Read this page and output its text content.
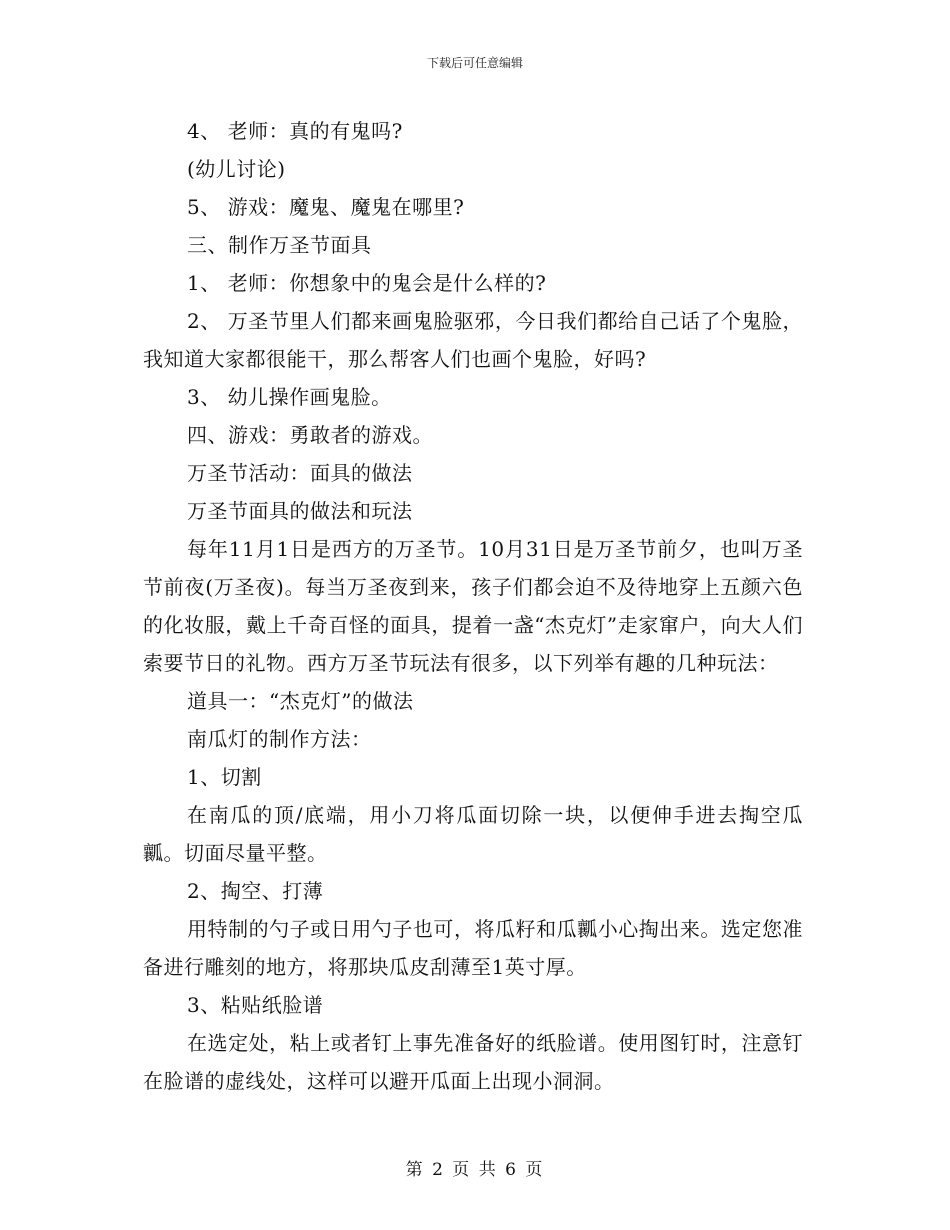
下载后可任意编辑

4、 老师：真的有鬼吗?

(幼儿讨论)

5、 游戏：魔鬼、魔鬼在哪里?

三、制作万圣节面具

1、 老师：你想象中的鬼会是什么样的?

2、 万圣节里人们都来画鬼脸驱邪，今日我们都给自己话了个鬼脸，我知道大家都很能干，那么帮客人们也画个鬼脸，好吗?

3、 幼儿操作画鬼脸。

四、游戏：勇敢者的游戏。

万圣节活动：面具的做法

万圣节面具的做法和玩法

每年11月1日是西方的万圣节。10月31日是万圣节前夕，也叫万圣节前夜(万圣夜)。每当万圣夜到来，孩子们都会迫不及待地穿上五颜六色的化妆服，戴上千奇百怪的面具，提着一盏“杰克灯”走家窜户，向大人们索要节日的礼物。西方万圣节玩法有很多，以下列举有趣的几种玩法：

道具一：“杰克灯”的做法

南瓜灯的制作方法：

1、切割

在南瓜的顶/底端，用小刀将瓜面切除一块，以便伸手进去掏空瓜瓤。切面尽量平整。

2、掏空、打薄

用特制的勺子或日用勺子也可，将瓜籽和瓜瓤小心掏出来。选定您准备进行雕刻的地方，将那块瓜皮刮薄至1英寸厚。

3、粘贴纸脸谱

在选定处，粘上或者钉上事先准备好的纸脸谱。使用图钉时，注意钉在脸谱的虚线处，这样可以避开瓜面上出现小洞洞。

第 2 页 共 6 页
